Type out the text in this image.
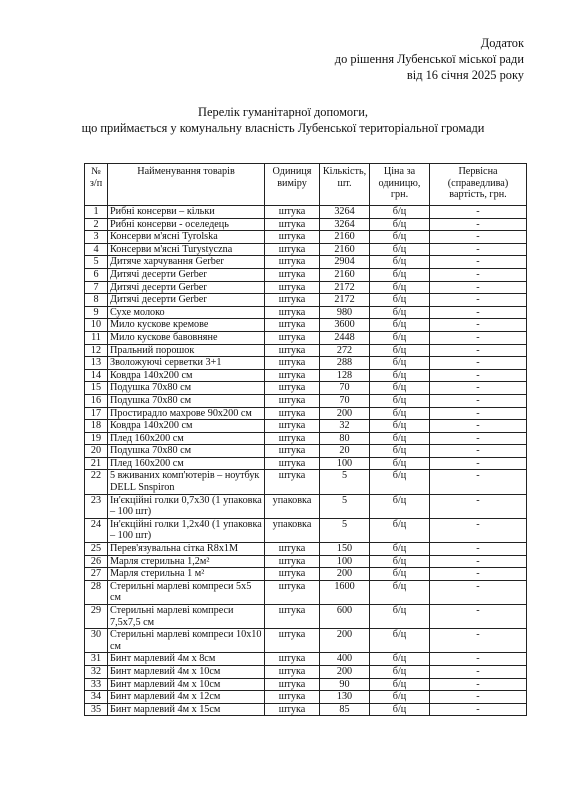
Додаток
до рішення Лубенської міської ради
від 16 січня 2025 року
Перелік гуманітарної допомоги,
що приймається у комунальну власність Лубенської територіальної громади
№ з/п	Найменування товарів	Одиниця виміру	Кількість, шт.	Ціна за одиницю, грн.	Первісна (справедлива) вартість, грн.
1	Рибні консерви – кільки	штука	3264	б/ц	-
2	Рибні консерви - оселедець	штука	3264	б/ц	-
3	Консерви м'ясні Tyrolska	штука	2160	б/ц	-
4	Консерви м'ясні Turystyczna	штука	2160	б/ц	-
5	Дитяче харчування Gerber	штука	2904	б/ц	-
6	Дитячі десерти Gerber	штука	2160	б/ц	-
7	Дитячі десерти Gerber	штука	2172	б/ц	-
8	Дитячі десерти Gerber	штука	2172	б/ц	-
9	Сухе молоко	штука	980	б/ц	-
10	Мило кускове кремове	штука	3600	б/ц	-
11	Мило кускове бавовняне	штука	2448	б/ц	-
12	Пральний порошок	штука	272	б/ц	-
13	Зволожуючі серветки 3+1	штука	288	б/ц	-
14	Ковдра 140х200 см	штука	128	б/ц	-
15	Подушка 70х80 см	штука	70	б/ц	-
16	Подушка 70х80 см	штука	70	б/ц	-
17	Простирадло махрове 90х200 см	штука	200	б/ц	-
18	Ковдра 140х200 см	штука	32	б/ц	-
19	Плед 160х200 см	штука	80	б/ц	-
20	Подушка 70х80 см	штука	20	б/ц	-
21	Плед 160х200 см	штука	100	б/ц	-
22	5 вживаних комп'ютерів – ноутбук DELL Snspiron	штука	5	б/ц	-
23	Ін'єкційні голки 0,7х30 (1 упаковка – 100 шт)	упаковка	5	б/ц	-
24	Ін'єкційні голки 1,2х40 (1 упаковка – 100 шт)	упаковка	5	б/ц	-
25	Перев'язувальна сітка R8х1М	штука	150	б/ц	-
26	Марля стерильна 1,2м²	штука	100	б/ц	-
27	Марля стерильна 1 м²	штука	200	б/ц	-
28	Стерильні марлеві компреси 5х5 см	штука	1600	б/ц	-
29	Стерильні марлеві компреси 7,5х7,5 см	штука	600	б/ц	-
30	Стерильні марлеві компреси 10х10 см	штука	200	б/ц	-
31	Бинт марлевий 4м х 8см	штука	400	б/ц	-
32	Бинт марлевий 4м х 10см	штука	200	б/ц	-
33	Бинт марлевий 4м х 10см	штука	90	б/ц	-
34	Бинт марлевий 4м х 12см	штука	130	б/ц	-
35	Бинт марлевий 4м х 15см	штука	85	б/ц	-
